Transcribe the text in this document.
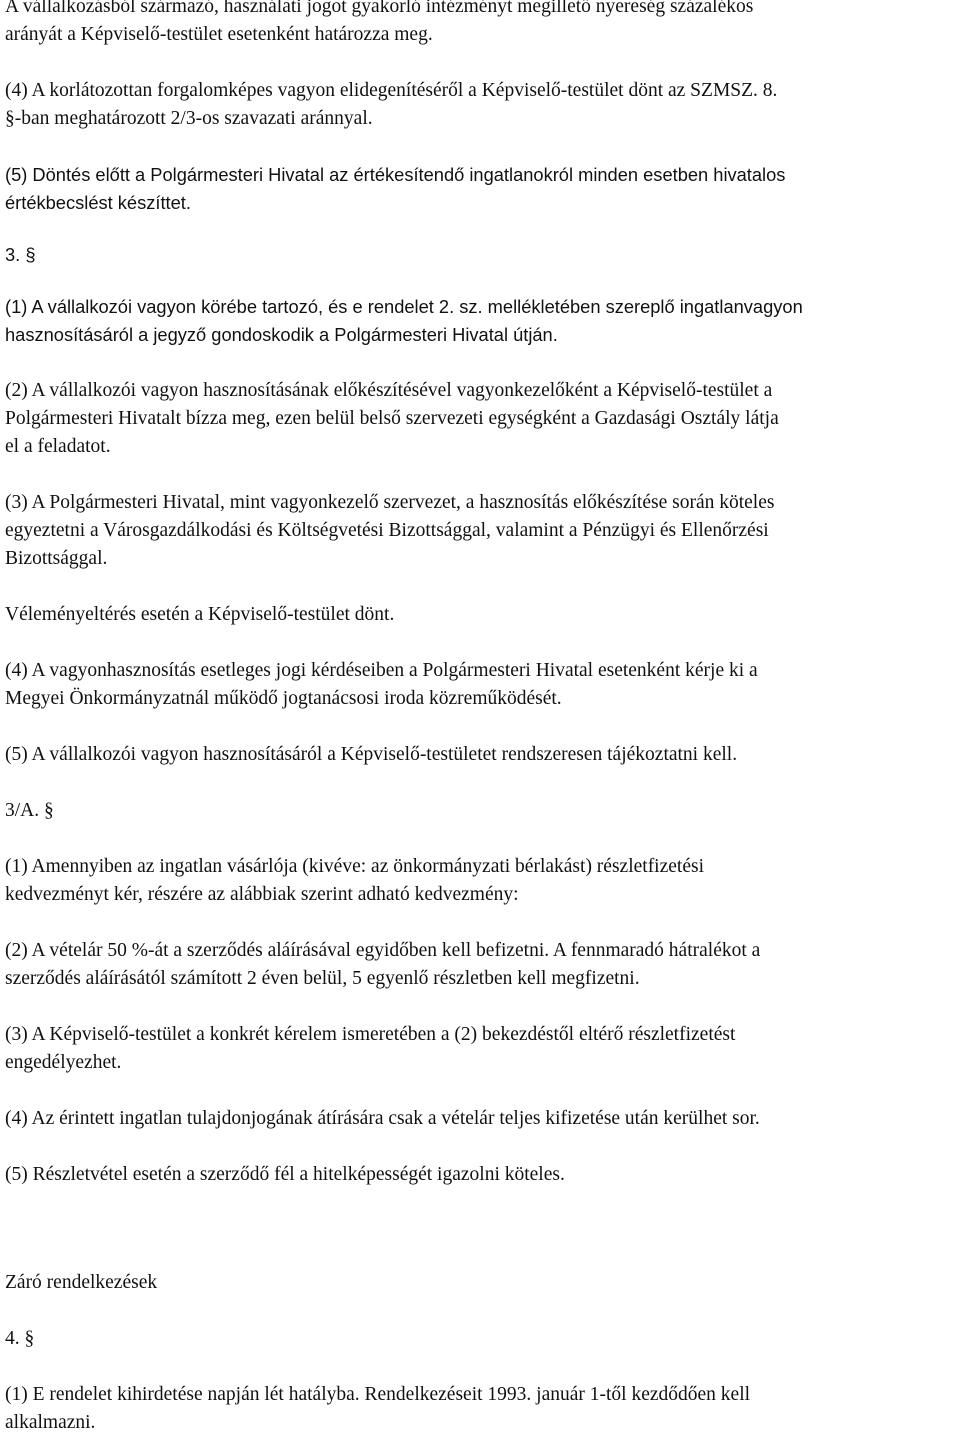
A vállalkozásból származó, használati jogot gyakorló intézményt megillető nyereség százalékos
arányát a Képviselő-testület esetenként határozza meg.

(4) A korlátozottan forgalomképes vagyon elidegenítéséről a Képviselő-testület dönt az SZMSZ. 8.
§-ban meghatározott 2/3-os szavazati aránnyal.

(5) Döntés előtt a Polgármesteri Hivatal az értékesítendő ingatlanokról minden esetben hivatalos
értékbecslést készíttet.

3. §

(1) A vállalkozói vagyon körébe tartozó, és e rendelet 2. sz. mellékletében szereplő ingatlanvagyon
hasznosításáról a jegyző gondoskodik a Polgármesteri Hivatal útján.

(2) A vállalkozói vagyon hasznosításának előkészítésével vagyonkezelőként a Képviselő-testület a
Polgármesteri Hivatalt bízza meg, ezen belül belső szervezeti egységként a Gazdasági Osztály látja
el a feladatot.

(3) A Polgármesteri Hivatal, mint vagyonkezelő szervezet, a hasznosítás előkészítése során köteles
egyeztetni a Városgazdálkodási és Költségvetési Bizottsággal, valamint a Pénzügyi és Ellenőrzési
Bizottsággal.

Véleményeltérés esetén a Képviselő-testület dönt.

(4) A vagyonhasznosítás esetleges jogi kérdéseiben a Polgármesteri Hivatal esetenként kérje ki a
Megyei Önkormányzatnál működő jogtanácsosi iroda közreműködését.

(5) A vállalkozói vagyon hasznosításáról a Képviselő-testületet rendszeresen tájékoztatni kell.

3/A. §

(1) Amennyiben az ingatlan vásárlója (kivéve: az önkormányzati bérlakást) részletfizetési
kedvezményt kér, részére az alábbiak szerint adható kedvezmény:

(2) A vételár 50 %-át a szerződés aláírásával egyidőben kell befizetni. A fennmaradó hátralékot a
szerződés aláírásától számított 2 éven belül, 5 egyenlő részletben kell megfizetni.

(3) A Képviselő-testület a konkrét kérelem ismeretében a (2) bekezdéstől eltérő részletfizetést
engedélyezhet.

(4) Az érintett ingatlan tulajdonjogának átírására csak a vételár teljes kifizetése után kerülhet sor.

(5) Részletvétel esetén a szerződő fél a hitelképességét igazolni köteles.

Záró rendelkezések

4. §

(1) E rendelet kihirdetése napján lét hatályba. Rendelkezéseit 1993. január 1-től kezdődően kell
alkalmazni.
